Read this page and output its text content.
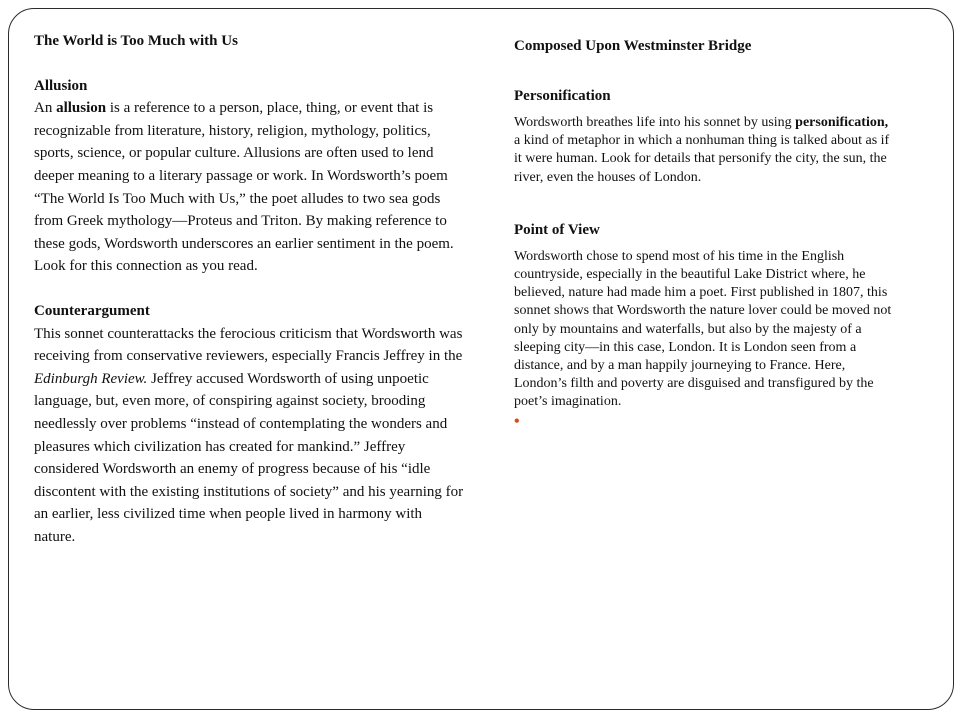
The World is Too Much with Us

Allusion

An allusion is a reference to a person, place, thing, or event that is recognizable from literature, history, religion, mythology, politics, sports, science, or popular culture. Allusions are often used to lend deeper meaning to a literary passage or work. In Wordsworth’s poem “The World Is Too Much with Us,” the poet alludes to two sea gods from Greek mythology—Proteus and Triton. By making reference to these gods, Wordsworth underscores an earlier sentiment in the poem. Look for this connection as you read.

Counterargument

This sonnet counterattacks the ferocious criticism that Wordsworth was receiving from conservative reviewers, especially Francis Jeffrey in the Edinburgh Review. Jeffrey accused Wordsworth of using unpoetic language, but, even more, of conspiring against society, brooding needlessly over problems “instead of contemplating the wonders and pleasures which civilization has created for mankind.” Jeffrey considered Wordsworth an enemy of progress because of his “idle discontent with the existing institutions of society” and his yearning for an earlier, less civilized time when people lived in harmony with nature.

Composed Upon Westminster Bridge

Personification

Wordsworth breathes life into his sonnet by using personification, a kind of metaphor in which a nonhuman thing is talked about as if it were human. Look for details that personify the city, the sun, the river, even the houses of London.

Point of View

Wordsworth chose to spend most of his time in the English countryside, especially in the beautiful Lake District where, he believed, nature had made him a poet. First published in 1807, this sonnet shows that Wordsworth the nature lover could be moved not only by mountains and waterfalls, but also by the majesty of a sleeping city—in this case, London. It is London seen from a distance, and by a man happily journeying to France. Here, London’s filth and poverty are disguised and transfigured by the poet’s imagination.

•
